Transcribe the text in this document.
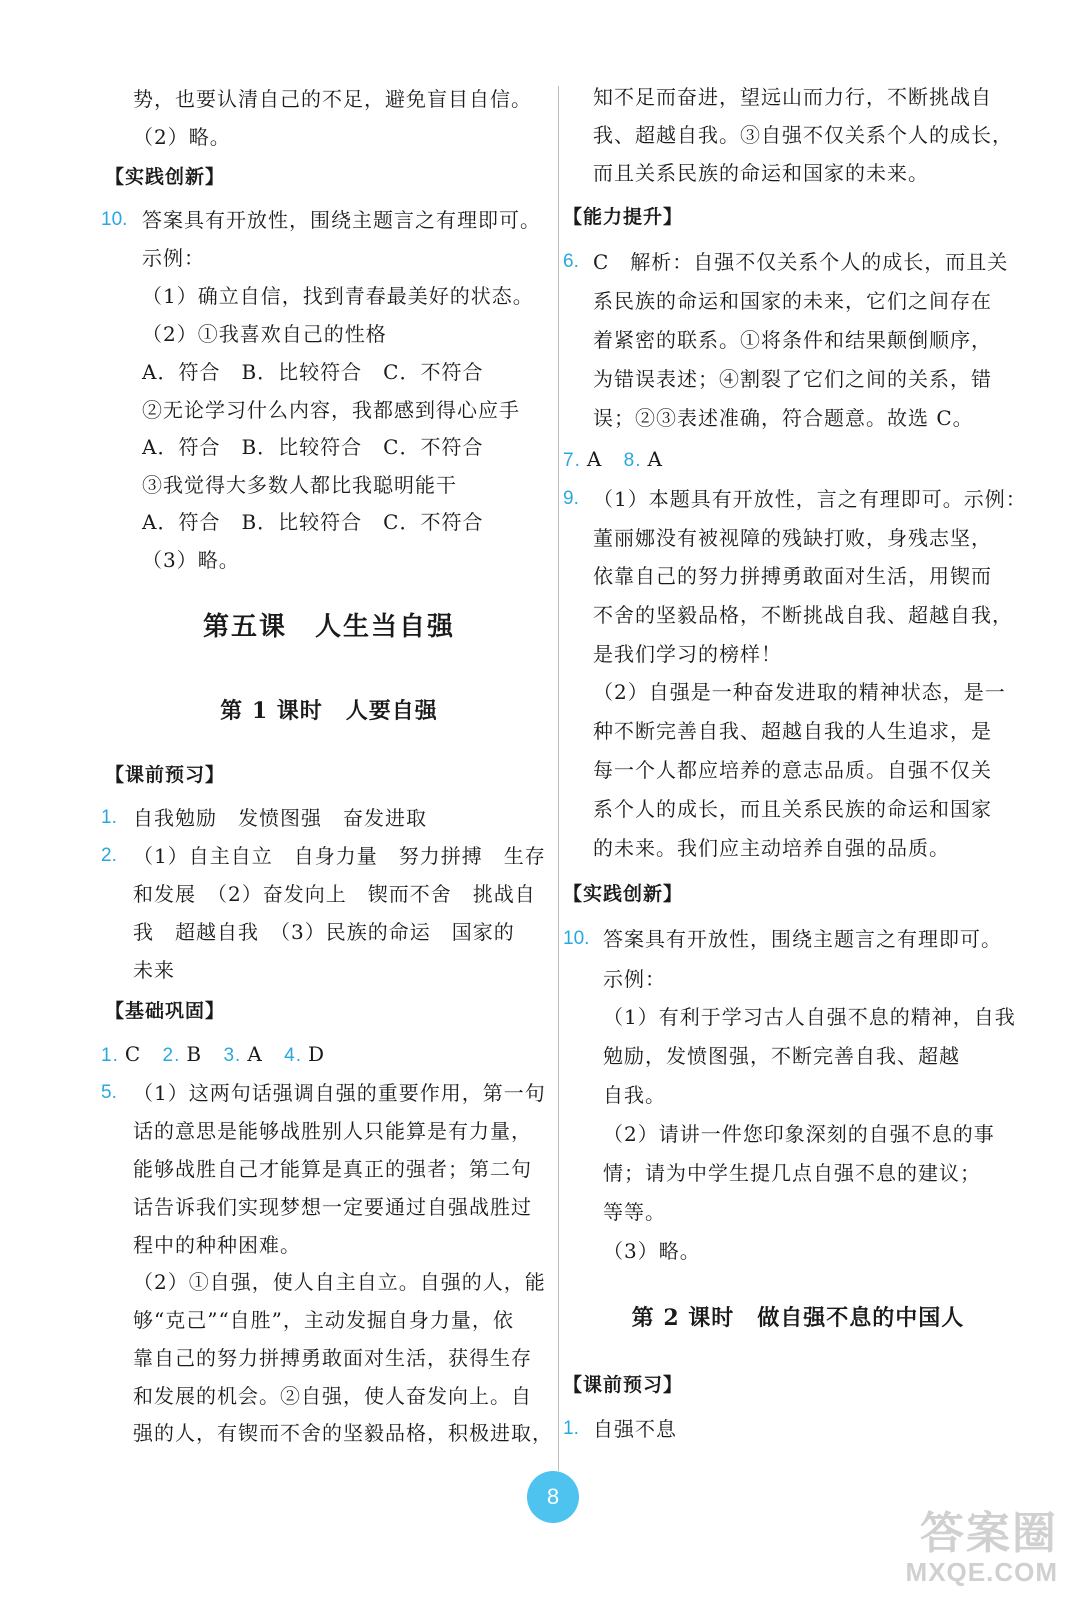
势，也要认清自己的不足，避免盲目自信。
（2）略。
【实践创新】
10. 答案具有开放性，围绕主题言之有理即可。
示例：
（1）确立自信，找到青春最美好的状态。
（2）①我喜欢自己的性格
A．符合　B．比较符合　C．不符合
②无论学习什么内容，我都感到得心应手
A．符合　B．比较符合　C．不符合
③我觉得大多数人都比我聪明能干
A．符合　B．比较符合　C．不符合
（3）略。
第五课　人生当自强
第 1 课时　人要自强
【课前预习】
1. 自我勉励　发愤图强　奋发进取
2. （1）自主自立　自身力量　努力拼搏　生存
和发展　（2）奋发向上　锲而不舍　挑战自
我　超越自我　（3）民族的命运　国家的
未来
【基础巩固】
1. C 2. B 3. A 4. D
5. （1）这两句话强调自强的重要作用，第一句
话的意思是能够战胜别人只能算是有力量，
能够战胜自己才能算是真正的强者；第二句
话告诉我们实现梦想一定要通过自强战胜过
程中的种种困难。
（2）①自强，使人自主自立。自强的人，能
够“克己”“自胜”，主动发掘自身力量，依
靠自己的努力拼搏勇敢面对生活，获得生存
和发展的机会。②自强，使人奋发向上。自
强的人，有锲而不舍的坚毅品格，积极进取，
知不足而奋进，望远山而力行，不断挑战自
我、超越自我。③自强不仅关系个人的成长，
而且关系民族的命运和国家的未来。
【能力提升】
6. C　解析：自强不仅关系个人的成长，而且关
系民族的命运和国家的未来，它们之间存在
着紧密的联系。①将条件和结果颠倒顺序，
为错误表述；④割裂了它们之间的关系，错
误；②③表述准确，符合题意。故选 C。
7. A 8. A
9. （1）本题具有开放性，言之有理即可。示例：
董丽娜没有被视障的残缺打败，身残志坚，
依靠自己的努力拼搏勇敢面对生活，用锲而
不舍的坚毅品格，不断挑战自我、超越自我，
是我们学习的榜样！
（2）自强是一种奋发进取的精神状态，是一
种不断完善自我、超越自我的人生追求，是
每一个人都应培养的意志品质。自强不仅关
系个人的成长，而且关系民族的命运和国家
的未来。我们应主动培养自强的品质。
【实践创新】
10. 答案具有开放性，围绕主题言之有理即可。
示例：
（1）有利于学习古人自强不息的精神，自我
勉励，发愤图强，不断完善自我、超越
自我。
（2）请讲一件您印象深刻的自强不息的事
情；请为中学生提几点自强不息的建议；
等等。
（3）略。
第 2 课时　做自强不息的中国人
【课前预习】
1. 自强不息
8
答案圈
MXQE.COM
